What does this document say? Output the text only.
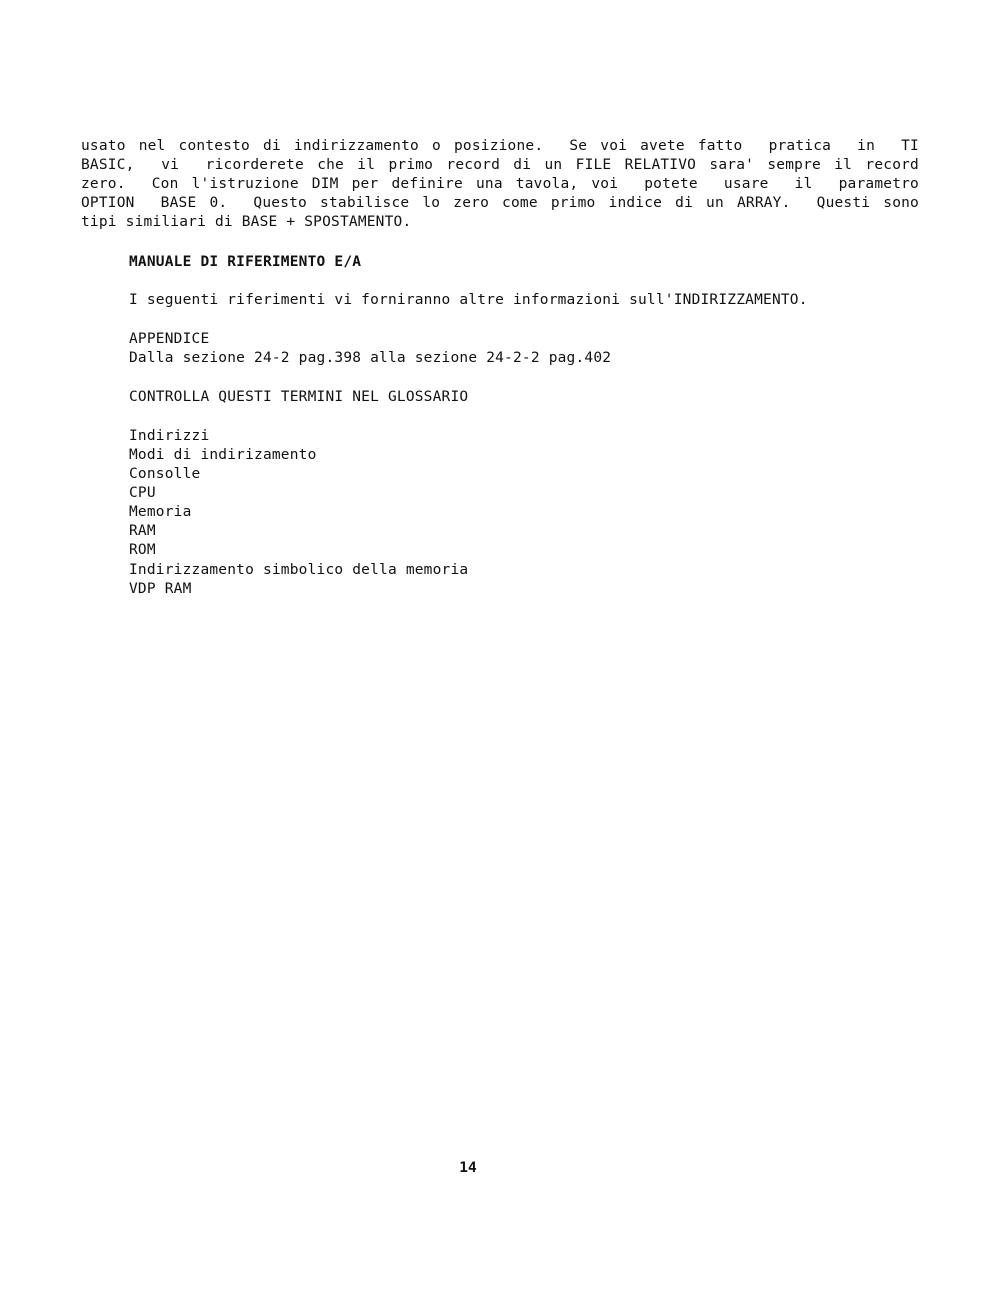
usato nel contesto di indirizzamento o posizione.  Se voi avete fatto  pratica  in  TI
BASIC,  vi  ricorderete che il primo record di un FILE RELATIVO sara' sempre il record
zero.  Con l'istruzione DIM per definire una tavola, voi  potete  usare  il  parametro
OPTION  BASE 0.  Questo stabilisce lo zero come primo indice di un ARRAY.  Questi sono
tipi similiari di BASE + SPOSTAMENTO.
MANUALE DI RIFERIMENTO E/A
I seguenti riferimenti vi forniranno altre informazioni sull'INDIRIZZAMENTO.
APPENDICE
Dalla sezione 24-2 pag.398 alla sezione 24-2-2 pag.402
CONTROLLA QUESTI TERMINI NEL GLOSSARIO
Indirizzi
Modi di indirizamento
Consolle
CPU
Memoria
RAM
ROM
Indirizzamento simbolico della memoria
VDP RAM
14
